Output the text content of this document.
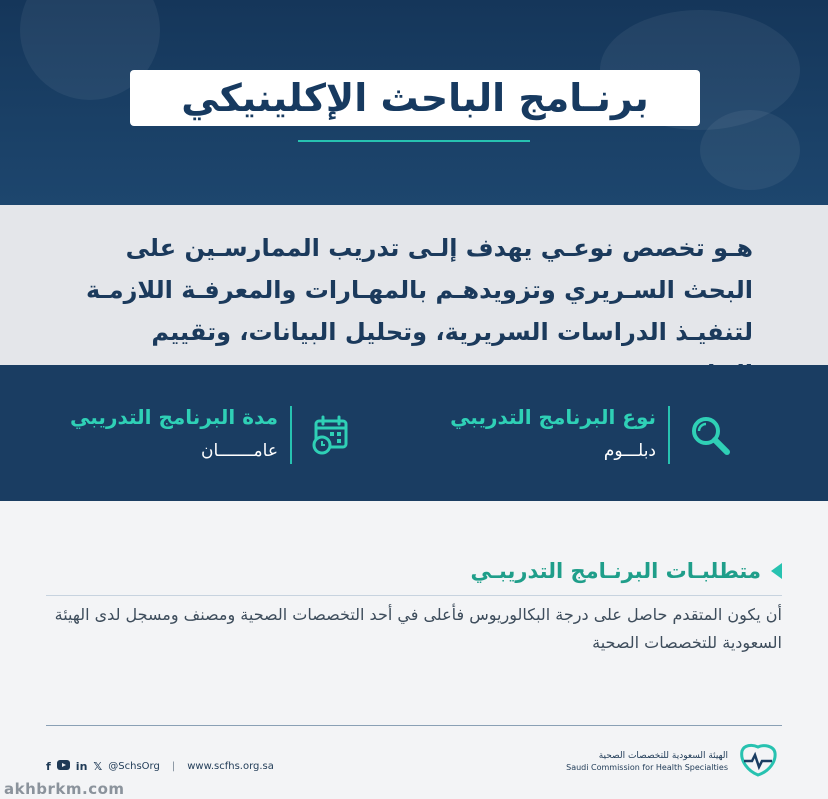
برنـامج الباحث الإكلينيكي

هـو تخصص نوعـي يهدف إلـى تدريب الممارسـين على البحث السـريري وتزويدهـم بالمهـارات والمعرفـة اللازمـة لتنفيـذ الدراسات السريرية، وتحليل البيانات، وتقييم

نوع البرنامج التدريبي
دبلـــوم
مدة البرنامج التدريبي
عامـــــــان
متطلبـات البرنـامج التدريبـي
أن يكون المتقدم حاصل على درجة البكالوريوس فأعلى في أحد التخصصات الصحية ومصنف ومسجل لدى الهيئة السعودية للتخصصات الصحية
f in 𝕏 @SchsOrg | www.scfhs.org.sa
الهيئة السعودية للتخصصات الصحية
Saudi Commission for Health Specialties
akhbrkm.com
